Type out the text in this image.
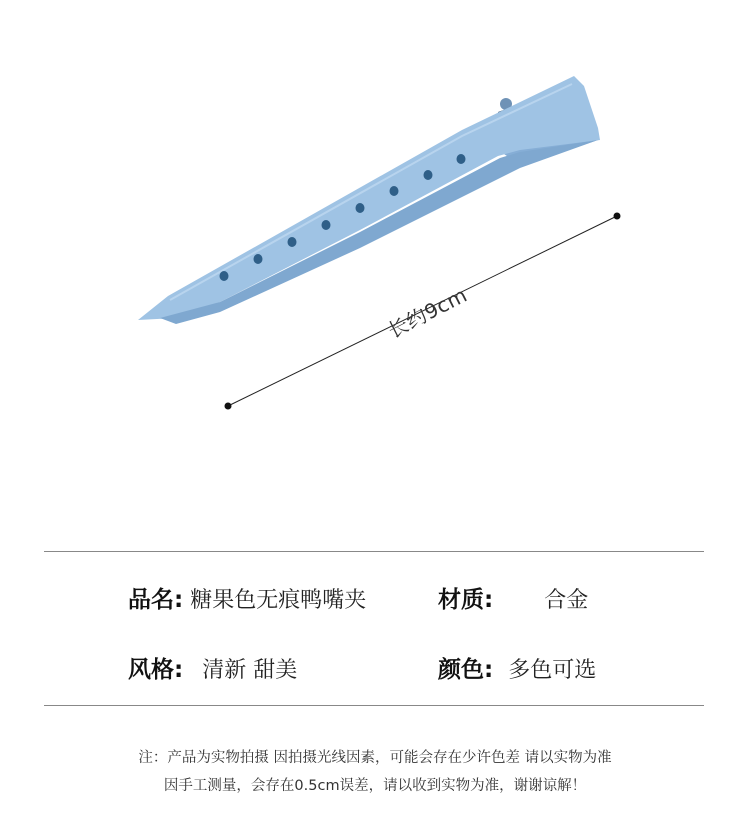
长约9cm
品名: 糖果色无痕鸭嘴夹	材质: 合金
风格: 清新 甜美	颜色: 多色可选
注：产品为实物拍摄 因拍摄光线因素，可能会存在少许色差 请以实物为准
因手工测量，会存在0.5cm误差，请以收到实物为准，谢谢谅解！
